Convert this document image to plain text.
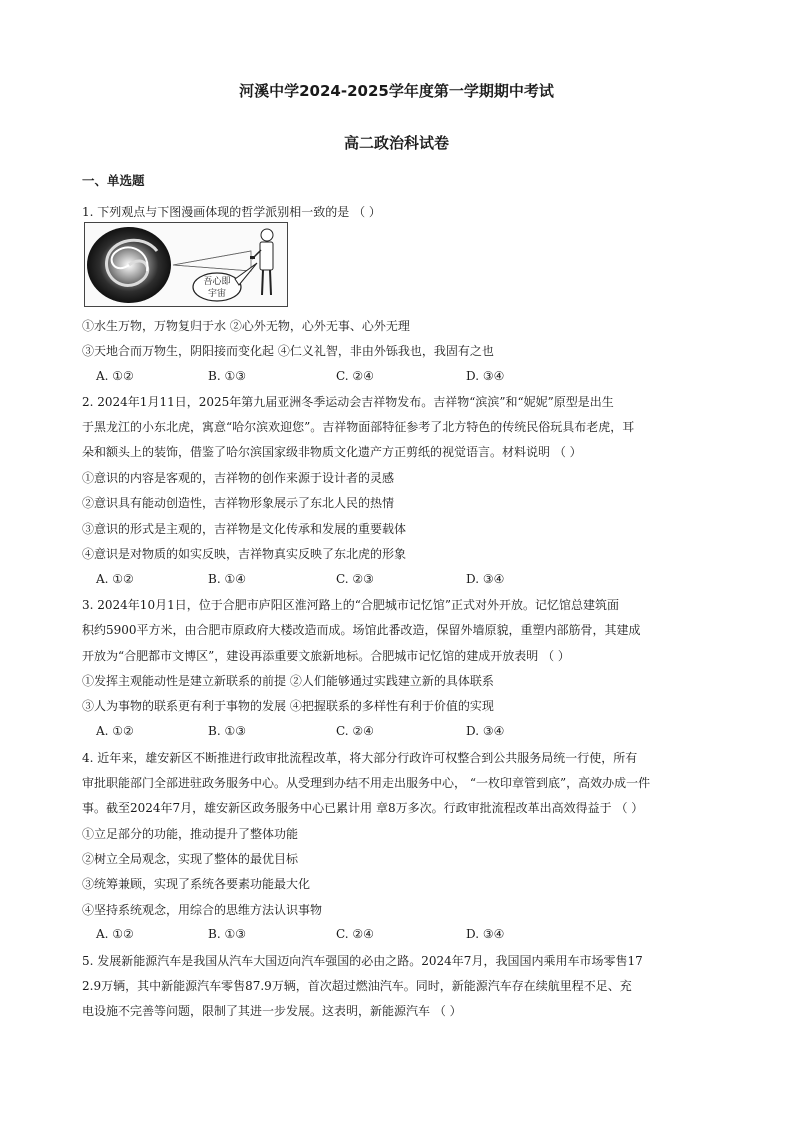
河溪中学2024-2025学年度第一学期期中考试
高二政治科试卷
一、单选题
1. 下列观点与下图漫画体现的哲学派别相一致的是 （ ）
吾心即
宇宙
①水生万物，万物复归于水 ②心外无物，心外无事、心外无理
③天地合而万物生，阴阳接而变化起 ④仁义礼智，非由外铄我也，我固有之也
A. ①②	B. ①③	C. ②④	D. ③④
2. 2024年1月11日，2025年第九届亚洲冬季运动会吉祥物发布。吉祥物“滨滨”和“妮妮”原型是出生
于黑龙江的小东北虎，寓意“哈尔滨欢迎您”。吉祥物面部特征参考了北方特色的传统民俗玩具布老虎，耳
朵和额头上的装饰，借鉴了哈尔滨国家级非物质文化遗产方正剪纸的视觉语言。材料说明 （ ）
①意识的内容是客观的，吉祥物的创作来源于设计者的灵感
②意识具有能动创造性，吉祥物形象展示了东北人民的热情
③意识的形式是主观的，吉祥物是文化传承和发展的重要载体
④意识是对物质的如实反映，吉祥物真实反映了东北虎的形象
A. ①②	B. ①④	C. ②③	D. ③④
3. 2024年10月1日，位于合肥市庐阳区淮河路上的“合肥城市记忆馆”正式对外开放。记忆馆总建筑面
积约5900平方米，由合肥市原政府大楼改造而成。场馆此番改造，保留外墙原貌，重塑内部筋骨，其建成
开放为“合肥都市文博区”，建设再添重要文旅新地标。合肥城市记忆馆的建成开放表明 （ ）
①发挥主观能动性是建立新联系的前提 ②人们能够通过实践建立新的具体联系
③人为事物的联系更有利于事物的发展 ④把握联系的多样性有利于价值的实现
A. ①②	B. ①③	C. ②④	D. ③④
4. 近年来，雄安新区不断推进行政审批流程改革，将大部分行政许可权整合到公共服务局统一行使，所有
审批职能部门全部进驻政务服务中心。从受理到办结不用走出服务中心， “一枚印章管到底”，高效办成一件
事。截至2024年7月，雄安新区政务服务中心已累计用 章8万多次。行政审批流程改革出高效得益于 （ ）
①立足部分的功能，推动提升了整体功能
②树立全局观念，实现了整体的最优目标
③统筹兼顾，实现了系统各要素功能最大化
④坚持系统观念，用综合的思维方法认识事物
A. ①②	B. ①③	C. ②④	D. ③④
5. 发展新能源汽车是我国从汽车大国迈向汽车强国的必由之路。2024年7月，我国国内乘用车市场零售17
2.9万辆，其中新能源汽车零售87.9万辆，首次超过燃油汽车。同时，新能源汽车存在续航里程不足、充
电设施不完善等问题，限制了其进一步发展。这表明，新能源汽车 （ ）
